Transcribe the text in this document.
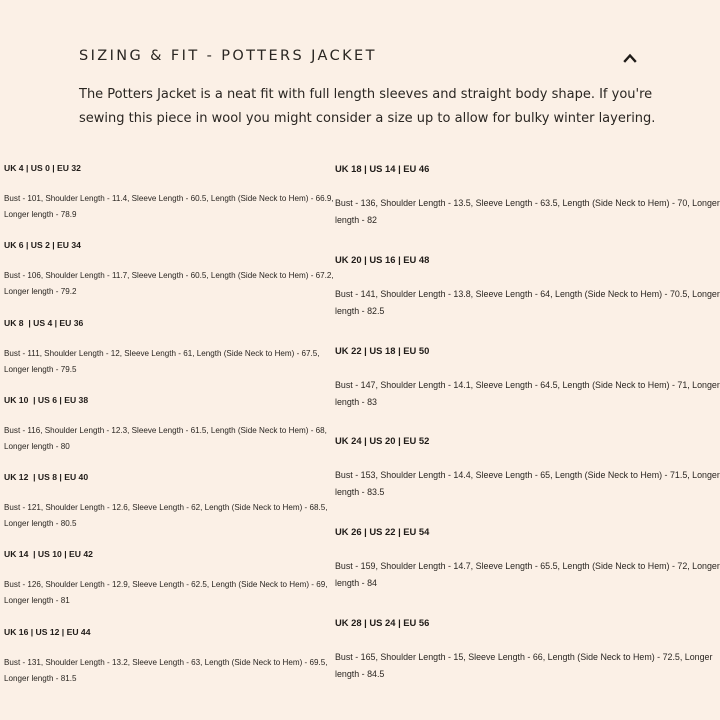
SIZING & FIT - POTTERS JACKET
The Potters Jacket is a neat fit with full length sleeves and straight body shape. If you're sewing this piece in wool you might consider a size up to allow for bulky winter layering.
UK 4 | US 0 | EU 32
Bust - 101, Shoulder Length - 11.4, Sleeve Length - 60.5, Length (Side Neck to Hem) - 66.9, Longer length - 78.9
UK 6 | US 2 | EU 34
Bust - 106, Shoulder Length - 11.7, Sleeve Length - 60.5, Length (Side Neck to Hem) - 67.2, Longer length - 79.2
UK 8  | US 4 | EU 36
Bust - 111, Shoulder Length - 12, Sleeve Length - 61, Length (Side Neck to Hem) - 67.5, Longer length - 79.5
UK 10  | US 6 | EU 38
Bust - 116, Shoulder Length - 12.3, Sleeve Length - 61.5, Length (Side Neck to Hem) - 68, Longer length - 80
UK 12  | US 8 | EU 40
Bust - 121, Shoulder Length - 12.6, Sleeve Length - 62, Length (Side Neck to Hem) - 68.5, Longer length - 80.5
UK 14  | US 10 | EU 42
Bust - 126, Shoulder Length - 12.9, Sleeve Length - 62.5, Length (Side Neck to Hem) - 69, Longer length - 81
UK 16 | US 12 | EU 44
Bust - 131, Shoulder Length - 13.2, Sleeve Length - 63, Length (Side Neck to Hem) - 69.5, Longer length - 81.5
UK 18 | US 14 | EU 46
Bust - 136, Shoulder Length - 13.5, Sleeve Length - 63.5, Length (Side Neck to Hem) - 70, Longer length - 82
UK 20 | US 16 | EU 48
Bust - 141, Shoulder Length - 13.8, Sleeve Length - 64, Length (Side Neck to Hem) - 70.5, Longer length - 82.5
UK 22 | US 18 | EU 50
Bust - 147, Shoulder Length - 14.1, Sleeve Length - 64.5, Length (Side Neck to Hem) - 71, Longer length - 83
UK 24 | US 20 | EU 52
Bust - 153, Shoulder Length - 14.4, Sleeve Length - 65, Length (Side Neck to Hem) - 71.5, Longer length - 83.5
UK 26 | US 22 | EU 54
Bust - 159, Shoulder Length - 14.7, Sleeve Length - 65.5, Length (Side Neck to Hem) - 72, Longer length - 84
UK 28 | US 24 | EU 56
Bust - 165, Shoulder Length - 15, Sleeve Length - 66, Length (Side Neck to Hem) - 72.5, Longer length - 84.5
